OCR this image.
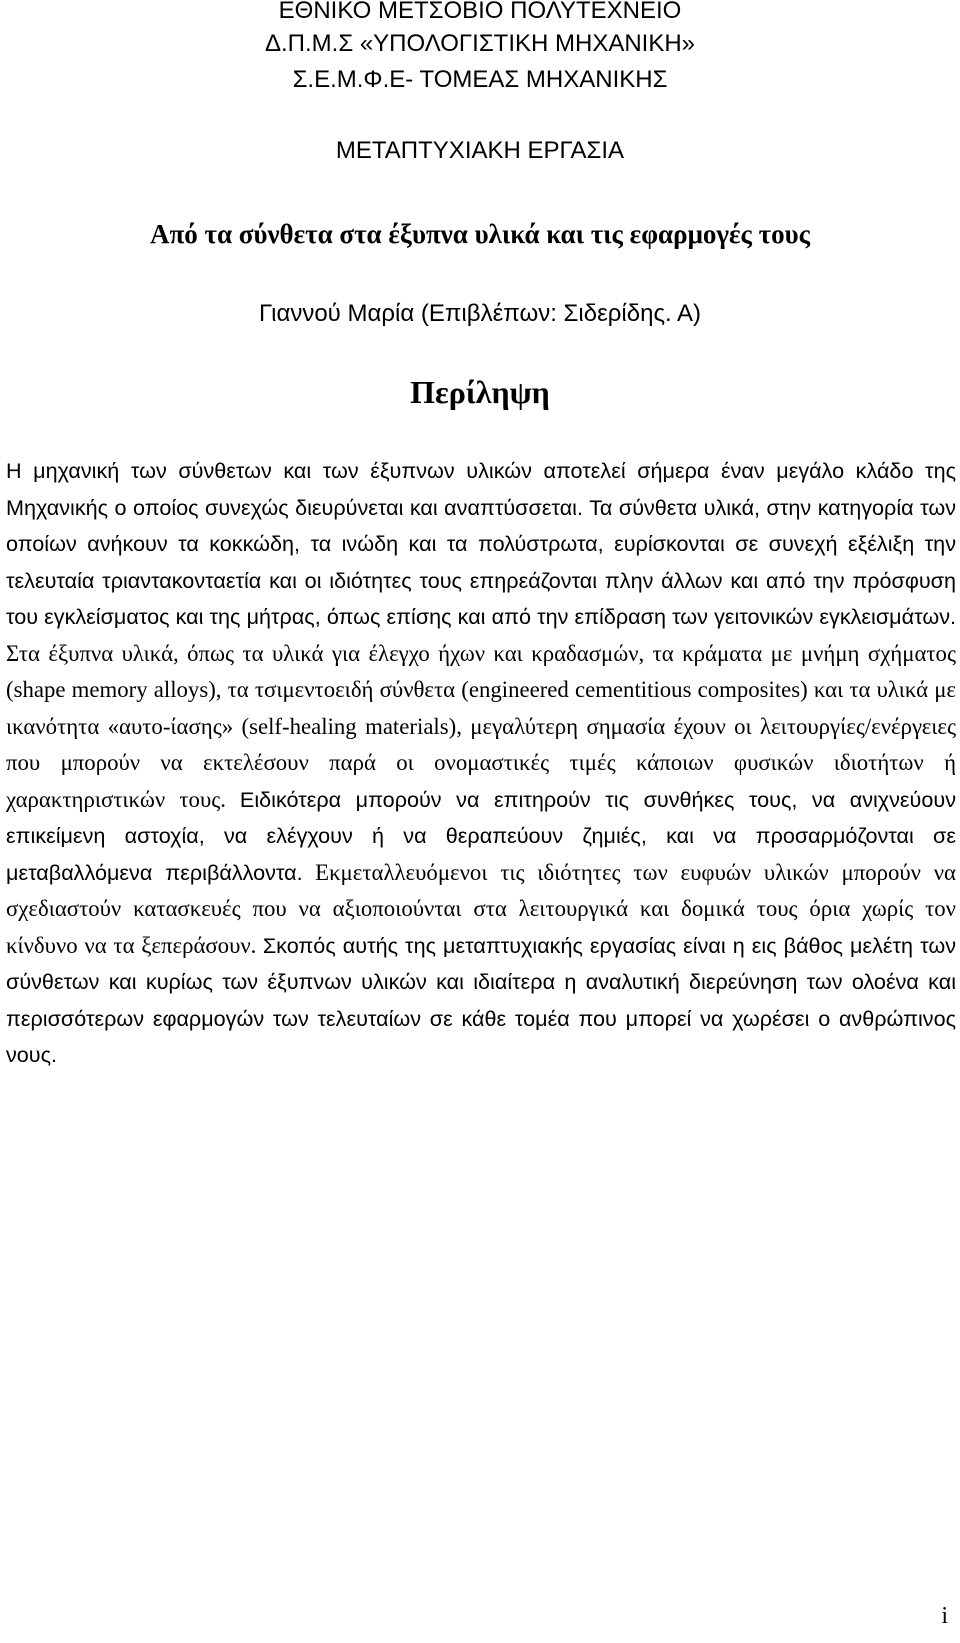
ΕΘΝΙΚΟ ΜΕΤΣΟΒΙΟ ΠΟΛΥΤΕΧΝΕΙΟ
Δ.Π.Μ.Σ «ΥΠΟΛΟΓΙΣΤΙΚΗ ΜΗΧΑΝΙΚΗ»
Σ.Ε.Μ.Φ.Ε- ΤΟΜΕΑΣ ΜΗΧΑΝΙΚΗΣ
ΜΕΤΑΠΤΥΧΙΑΚΗ ΕΡΓΑΣΙΑ
Από τα σύνθετα στα έξυπνα υλικά και τις εφαρμογές τους
Γιαννού Μαρία (Επιβλέπων: Σιδερίδης. Α)
Περίληψη
Η μηχανική των σύνθετων και των έξυπνων υλικών αποτελεί σήμερα έναν μεγάλο κλάδο της Μηχανικής ο οποίος συνεχώς διευρύνεται και αναπτύσσεται. Τα σύνθετα υλικά, στην κατηγορία των οποίων ανήκουν τα κοκκώδη, τα ινώδη και τα πολύστρωτα, ευρίσκονται σε συνεχή εξέλιξη την τελευταία τριαντακονταετία και οι ιδιότητες τους επηρεάζονται πλην άλλων και από την πρόσφυση του εγκλείσματος και της μήτρας, όπως επίσης και από την επίδραση των γειτονικών εγκλεισμάτων. Στα έξυπνα υλικά, όπως τα υλικά για έλεγχο ήχων και κραδασμών, τα κράματα με μνήμη σχήματος (shape memory alloys), τα τσιμεντοειδή σύνθετα (engineered cementitious composites) και τα υλικά με ικανότητα «αυτο-ίασης» (self-healing materials), μεγαλύτερη σημασία έχουν οι λειτουργίες/ενέργειες που μπορούν να εκτελέσουν παρά οι ονομαστικές τιμές κάποιων φυσικών ιδιοτήτων ή χαρακτηριστικών τους. Ειδικότερα μπορούν να επιτηρούν τις συνθήκες τους, να ανιχνεύουν επικείμενη αστοχία, να ελέγχουν ή να θεραπεύουν ζημιές, και να προσαρμόζονται σε μεταβαλλόμενα περιβάλλοντα. Εκμεταλλευόμενοι τις ιδιότητες των ευφυών υλικών μπορούν να σχεδιαστούν κατασκευές που να αξιοποιούνται στα λειτουργικά και δομικά τους όρια χωρίς τον κίνδυνο να τα ξεπεράσουν. Σκοπός αυτής της μεταπτυχιακής εργασίας είναι η εις βάθος μελέτη των σύνθετων και κυρίως των έξυπνων υλικών και ιδιαίτερα η αναλυτική διερεύνηση των ολοένα και περισσότερων εφαρμογών των τελευταίων σε κάθε τομέα που μπορεί να χωρέσει ο ανθρώπινος νους.
i
